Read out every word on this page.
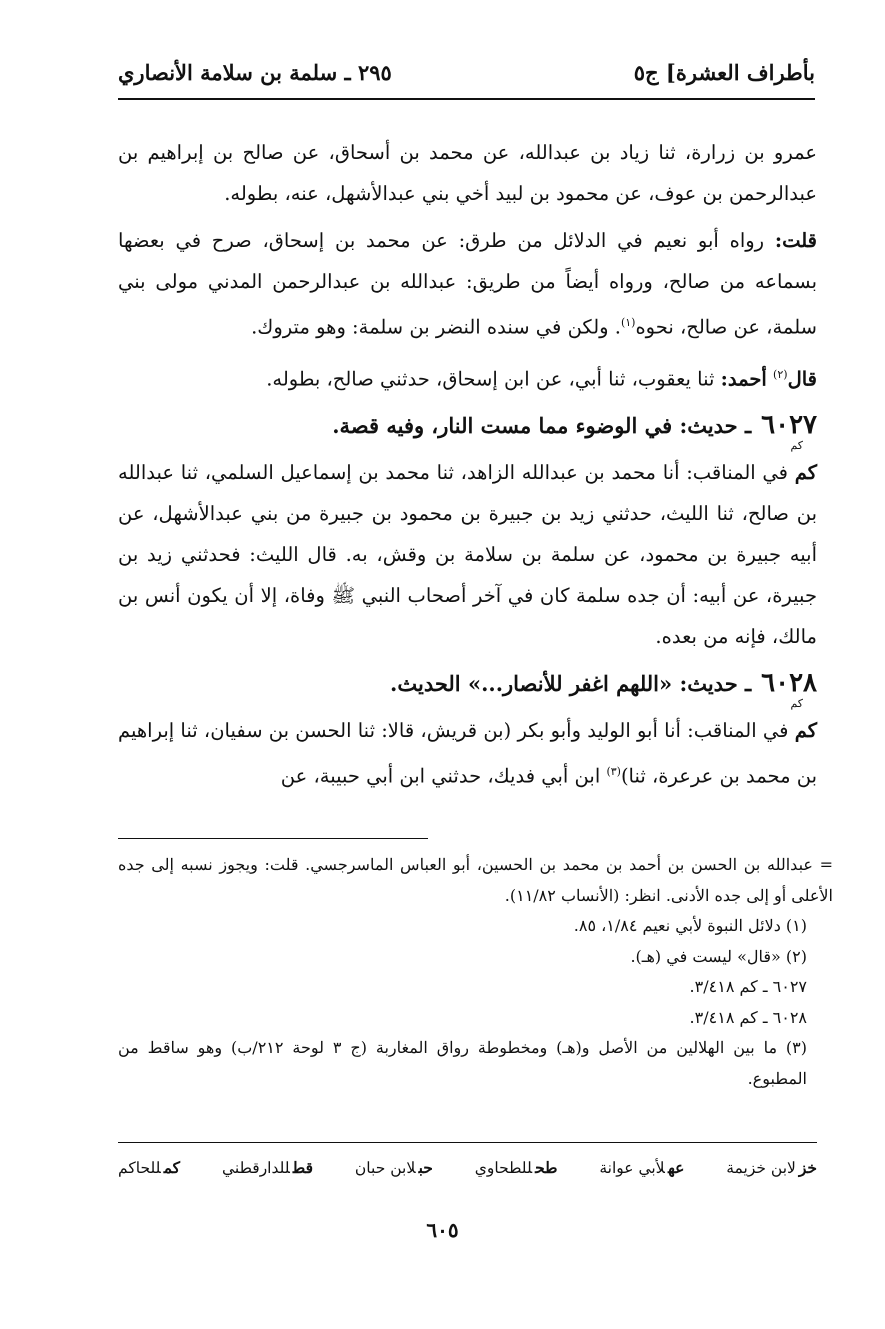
بأطراف العشرة] ج٥
٢٩٥ ـ سلمة بن سلامة الأنصاري

عمرو بن زرارة، ثنا زياد بن عبدالله، عن محمد بن أسحاق، عن صالح بن إبراهيم بن عبدالرحمن بن عوف، عن محمود بن لبيد أخي بني عبدالأشهل، عنه، بطوله.

قلت: رواه أبو نعيم في الدلائل من طرق: عن محمد بن إسحاق، صرح في بعضها بسماعه من صالح، ورواه أيضاً من طريق: عبدالله بن عبدالرحمن المدني مولى بني سلمة، عن صالح، نحوه$^{(١)}$. ولكن في سنده النضر بن سلمة: وهو متروك.

قال$^{(٢)}$ أحمد: ثنا يعقوب، ثنا أبي، عن ابن إسحاق، حدثني صالح، بطوله.

٦٠٢٧
ـ حديث: في الوضوء مما مست النار، وفيه قصة.
كم

كم في المناقب: أنا محمد بن عبدالله الزاهد، ثنا محمد بن إسماعيل السلمي، ثنا عبدالله بن صالح، ثنا الليث، حدثني زيد بن جبيرة بن محمود بن جبيرة من بني عبدالأشهل، عن أبيه جبيرة بن محمود، عن سلمة بن سلامة بن وقش، به. قال الليث: فحدثني زيد بن جبيرة، عن أبيه: أن جده سلمة كان في آخر أصحاب النبي ﷺ وفاة، إلا أن يكون أنس بن مالك، فإنه من بعده.

٦٠٢٨
ـ حديث: «اللهم اغفر للأنصار...» الحديث.
كم

كم في المناقب: أنا أبو الوليد وأبو بكر (بن قريش، قالا: ثنا الحسن بن سفيان، ثنا إبراهيم بن محمد بن عرعرة، ثنا)$^{(٣)}$ ابن أبي فديك، حدثني ابن أبي حبيبة، عن

= عبدالله بن الحسن بن أحمد بن محمد بن الحسين، أبو العباس الماسرجسي. قلت: ويجوز نسبه إلى جده الأعلى أو إلى جده الأدنى. انظر: (الأنساب ١١/٨٢).

(١) دلائل النبوة لأبي نعيم ١/٨٤، ٨٥.

(٢) «قال» ليست في (هـ).

٦٠٢٧ ـ كم ٣/٤١٨.

٦٠٢٨ ـ كم ٣/٤١٨.

(٣) ما بين الهلالين من الأصل و(هـ) ومخطوطة رواق المغاربة (ج ٣ لوحة ٢١٢/ب) وهو ساقط من المطبوع.

خزلابن خزيمة
عهلأبي عوانة
طحللطحاوي
حبلابن حبان
قطللدارقطني
كمللحاكم
٦٠٥
